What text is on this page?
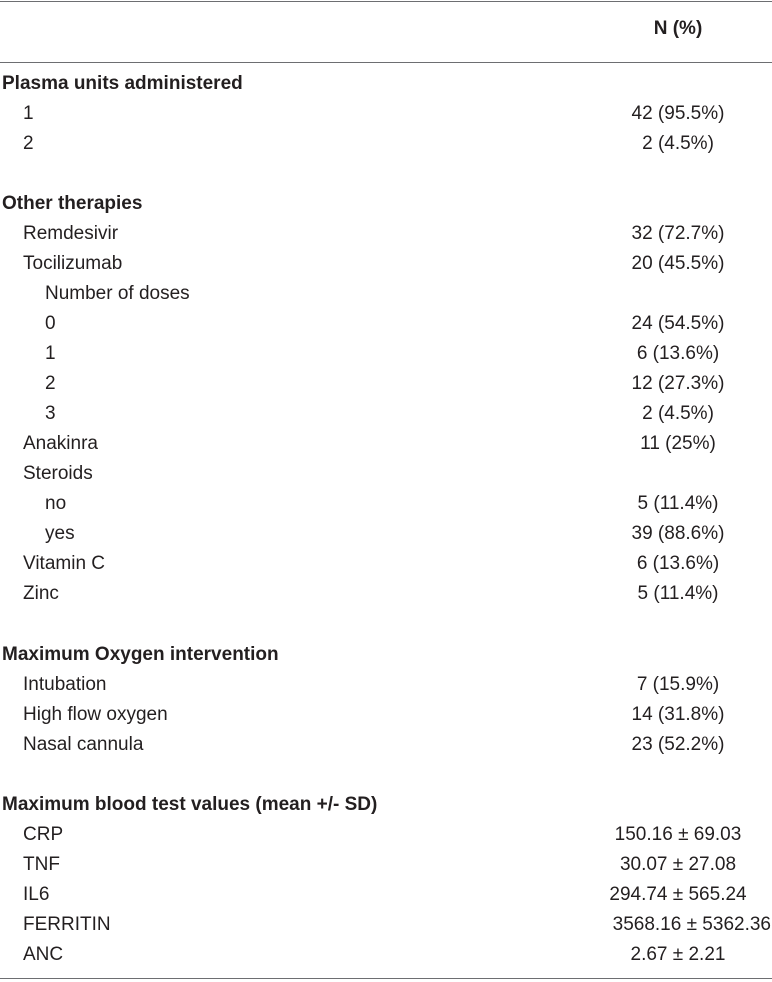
N (%)
Plasma units administered
1	42 (95.5%)
2	2 (4.5%)
Other therapies
Remdesivir	32 (72.7%)
Tocilizumab	20 (45.5%)
Number of doses
0	24 (54.5%)
1	6 (13.6%)
2	12 (27.3%)
3	2 (4.5%)
Anakinra	11 (25%)
Steroids
no	5 (11.4%)
yes	39 (88.6%)
Vitamin C	6 (13.6%)
Zinc	5 (11.4%)
Maximum Oxygen intervention
Intubation	7 (15.9%)
High flow oxygen	14 (31.8%)
Nasal cannula	23 (52.2%)
Maximum blood test values (mean +/- SD)
CRP	150.16 ± 69.03
TNF	30.07 ± 27.08
IL6	294.74 ± 565.24
FERRITIN	3568.16 ± 5362.36
ANC	2.67 ± 2.21
